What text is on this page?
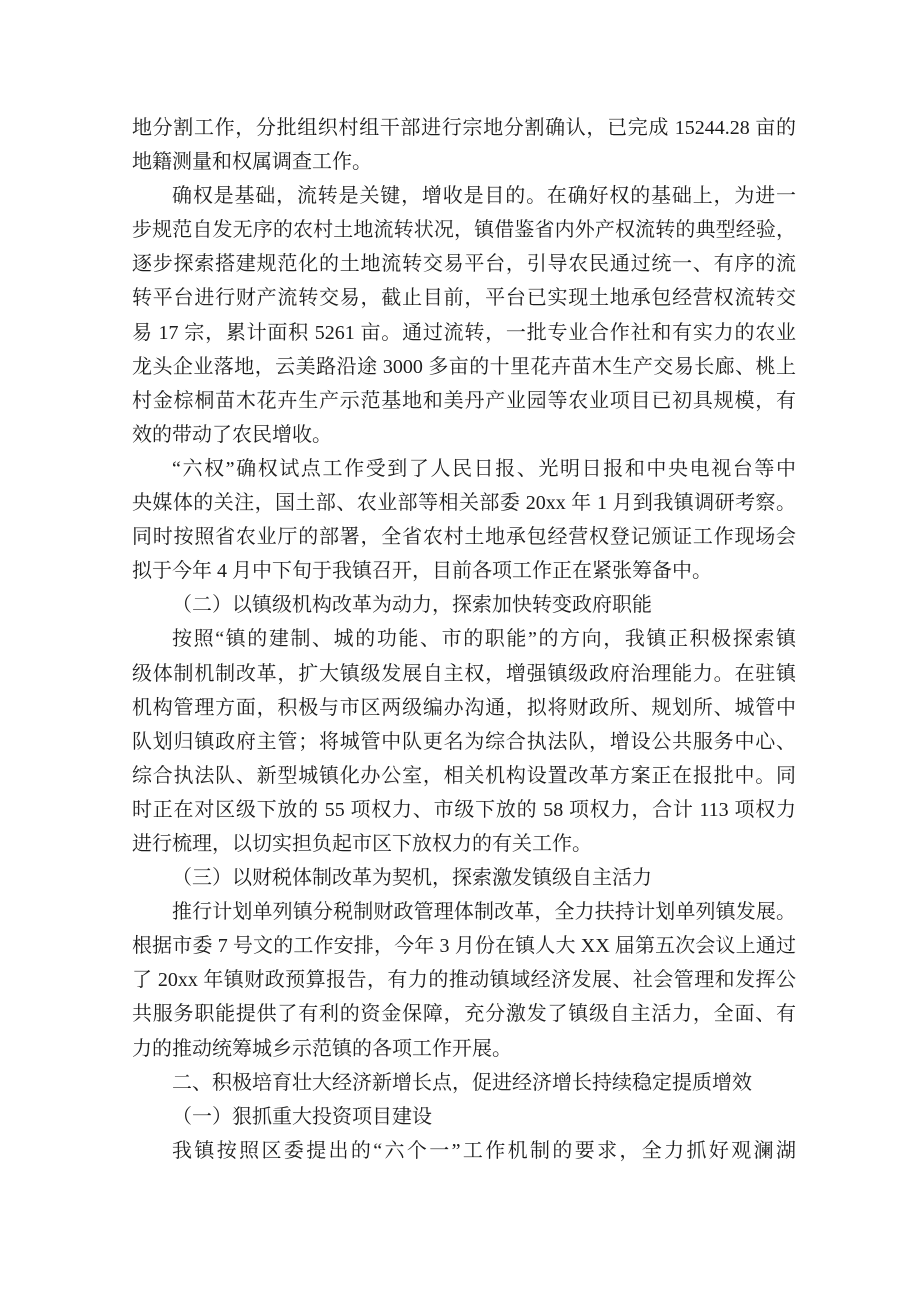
地分割工作，分批组织村组干部进行宗地分割确认，已完成 15244.28 亩的
地籍测量和权属调查工作。
确权是基础，流转是关键，增收是目的。在确好权的基础上，为进一
步规范自发无序的农村土地流转状况，镇借鉴省内外产权流转的典型经验，
逐步探索搭建规范化的土地流转交易平台，引导农民通过统一、有序的流
转平台进行财产流转交易，截止目前，平台已实现土地承包经营权流转交
易 17 宗，累计面积 5261 亩。通过流转，一批专业合作社和有实力的农业
龙头企业落地，云美路沿途 3000 多亩的十里花卉苗木生产交易长廊、桃上
村金棕桐苗木花卉生产示范基地和美丹产业园等农业项目已初具规模，有
效的带动了农民增收。
“六权”确权试点工作受到了人民日报、光明日报和中央电视台等中
央媒体的关注，国土部、农业部等相关部委 20xx 年 1 月到我镇调研考察。
同时按照省农业厅的部署，全省农村土地承包经营权登记颁证工作现场会
拟于今年 4 月中下旬于我镇召开，目前各项工作正在紧张筹备中。
（二）以镇级机构改革为动力，探索加快转变政府职能
按照“镇的建制、城的功能、市的职能”的方向，我镇正积极探索镇
级体制机制改革，扩大镇级发展自主权，增强镇级政府治理能力。在驻镇
机构管理方面，积极与市区两级编办沟通，拟将财政所、规划所、城管中
队划归镇政府主管；将城管中队更名为综合执法队，增设公共服务中心、
综合执法队、新型城镇化办公室，相关机构设置改革方案正在报批中。同
时正在对区级下放的 55 项权力、市级下放的 58 项权力，合计 113 项权力
进行梳理，以切实担负起市区下放权力的有关工作。
（三）以财税体制改革为契机，探索激发镇级自主活力
推行计划单列镇分税制财政管理体制改革，全力扶持计划单列镇发展。
根据市委 7 号文的工作安排，今年 3 月份在镇人大 XX 届第五次会议上通过
了 20xx 年镇财政预算报告，有力的推动镇域经济发展、社会管理和发挥公
共服务职能提供了有利的资金保障，充分激发了镇级自主活力，全面、有
力的推动统筹城乡示范镇的各项工作开展。
二、积极培育壮大经济新增长点，促进经济增长持续稳定提质增效
（一）狠抓重大投资项目建设
我镇按照区委提出的“六个一”工作机制的要求，全力抓好观澜湖
